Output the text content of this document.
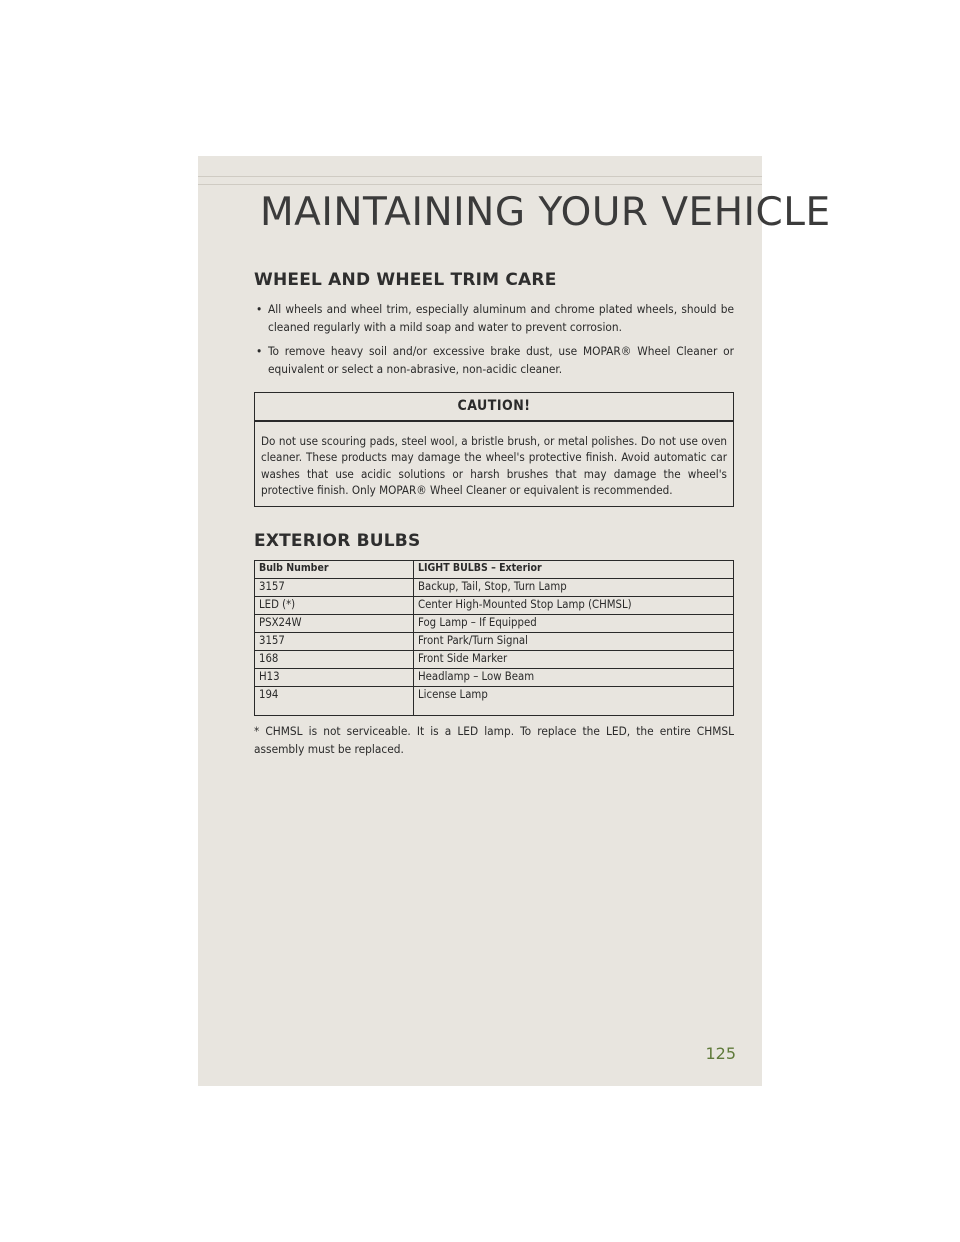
MAINTAINING YOUR VEHICLE
WHEEL AND WHEEL TRIM CARE
• All wheels and wheel trim, especially aluminum and chrome plated wheels, should be cleaned regularly with a mild soap and water to prevent corrosion.
• To remove heavy soil and/or excessive brake dust, use MOPAR® Wheel Cleaner or equivalent or select a non-abrasive, non-acidic cleaner.
CAUTION!
Do not use scouring pads, steel wool, a bristle brush, or metal polishes. Do not use oven cleaner. These products may damage the wheel's protective finish. Avoid automatic car washes that use acidic solutions or harsh brushes that may damage the wheel's protective finish. Only MOPAR® Wheel Cleaner or equivalent is recommended.
EXTERIOR BULBS
Bulb Number	LIGHT BULBS – Exterior
3157	Backup, Tail, Stop, Turn Lamp
LED (*)	Center High-Mounted Stop Lamp (CHMSL)
PSX24W	Fog Lamp – If Equipped
3157	Front Park/Turn Signal
168	Front Side Marker
H13	Headlamp – Low Beam
194	License Lamp
* CHMSL is not serviceable. It is a LED lamp. To replace the LED, the entire CHMSL assembly must be replaced.
125
